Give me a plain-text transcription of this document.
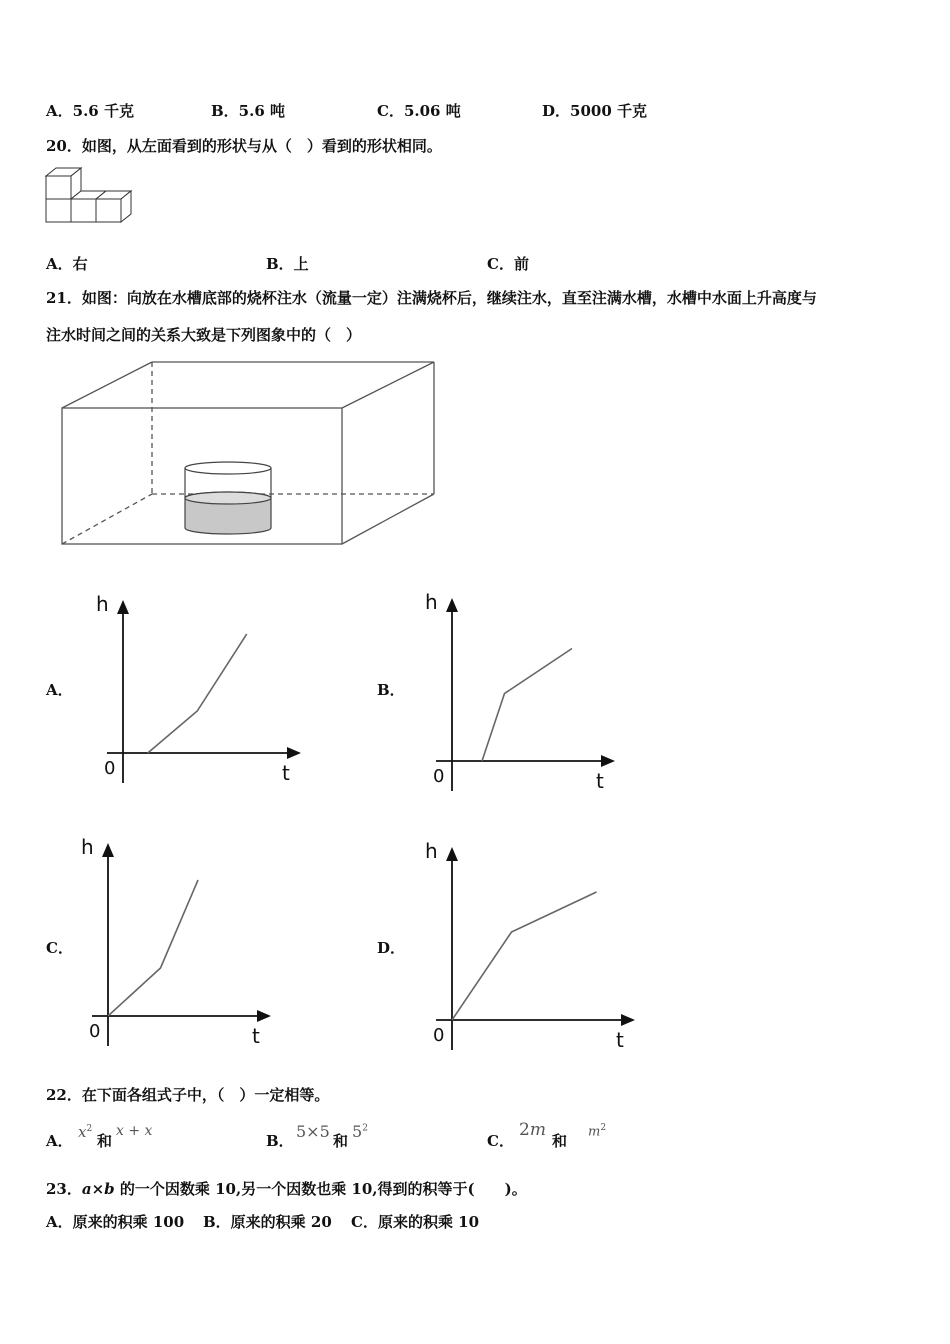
A．5.6 千克	B．5.6 吨	C．5.06 吨	D．5000 千克
20．如图，从左面看到的形状与从（　）看到的形状相同。
A．右	B．上	C．前
21．如图：向放在水槽底部的烧杯注水（流量一定）注满烧杯后，继续注水，直至注满水槽，水槽中水面上升高度与
注水时间之间的关系大致是下列图象中的（　）
A．	B．
C．	D．
h
t
0
h
t
0
h
t
0
h
t
0
22．在下面各组式子中，（　）一定相等。
A． $x^2$
和
x + x
B． 5×5 和 $5^2$
C．
2m
和
$m^2$
23．a×b 的一个因数乘 10,另一个因数也乘 10,得到的积等于(　　)。
A．原来的积乘 100 B．原来的积乘 20 C．原来的积乘 10
